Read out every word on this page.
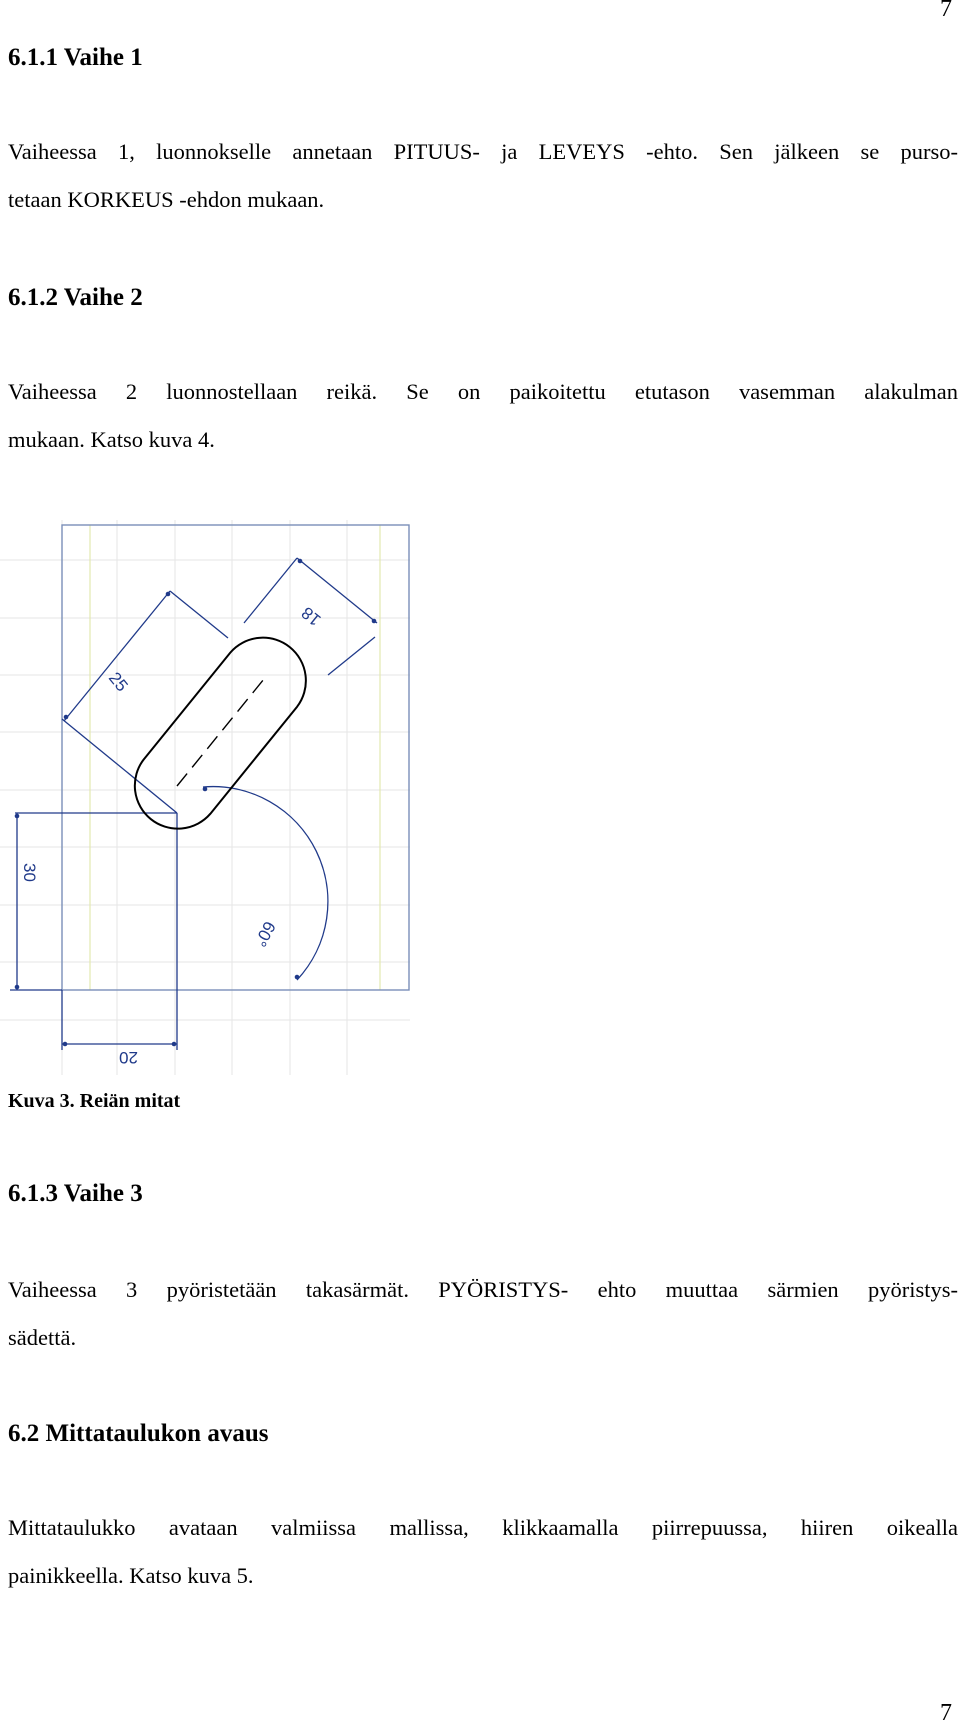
7
6.1.1 Vaihe 1
Vaiheessa 1, luonnokselle annetaan PITUUS- ja LEVEYS -ehto. Sen jälkeen se purso-
tetaan KORKEUS -ehdon mukaan.
6.1.2 Vaihe 2
Vaiheessa 2 luonnostellaan reikä. Se on paikoitettu etutason vasemman alakulman
mukaan. Katso kuva 4.
25
18
60°
30
20
Kuva 3. Reiän mitat
6.1.3 Vaihe 3
Vaiheessa 3 pyöristetään takasärmät. PYÖRISTYS- ehto muuttaa särmien pyöristys-
sädettä.
6.2 Mittataulukon avaus
Mittataulukko avataan valmiissa mallissa, klikkaamalla piirrepuussa, hiiren oikealla
painikkeella. Katso kuva 5.
7
